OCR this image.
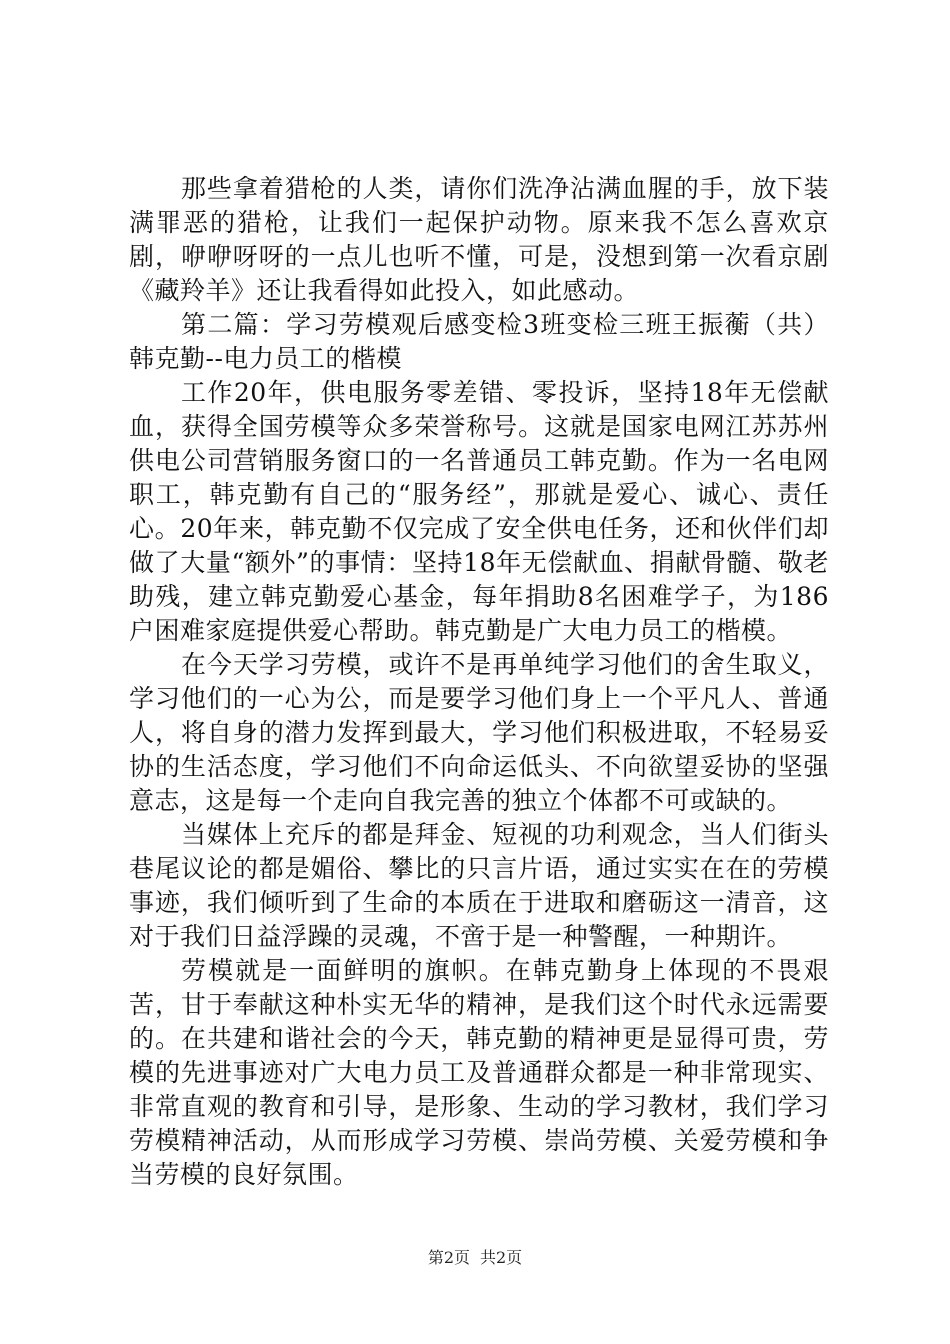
那些拿着猎枪的人类，请你们洗净沾满血腥的手，放下装满罪恶的猎枪，让我们一起保护动物。原来我不怎么喜欢京剧，咿咿呀呀的一点儿也听不懂，可是，没想到第一次看京剧《藏羚羊》还让我看得如此投入，如此感动。

第二篇：学习劳模观后感变检3班变检三班王振蘅（共）韩克勤--电力员工的楷模

工作20年，供电服务零差错、零投诉，坚持18年无偿献血，获得全国劳模等众多荣誉称号。这就是国家电网江苏苏州供电公司营销服务窗口的一名普通员工韩克勤。作为一名电网职工，韩克勤有自己的“服务经”，那就是爱心、诚心、责任心。20年来，韩克勤不仅完成了安全供电任务，还和伙伴们却做了大量“额外”的事情：坚持18年无偿献血、捐献骨髓、敬老助残，建立韩克勤爱心基金，每年捐助8名困难学子，为186户困难家庭提供爱心帮助。韩克勤是广大电力员工的楷模。

在今天学习劳模，或许不是再单纯学习他们的舍生取义，学习他们的一心为公，而是要学习他们身上一个平凡人、普通人，将自身的潜力发挥到最大，学习他们积极进取，不轻易妥协的生活态度，学习他们不向命运低头、不向欲望妥协的坚强意志，这是每一个走向自我完善的独立个体都不可或缺的。

当媒体上充斥的都是拜金、短视的功利观念，当人们街头巷尾议论的都是媚俗、攀比的只言片语，通过实实在在的劳模事迹，我们倾听到了生命的本质在于进取和磨砺这一清音，这对于我们日益浮躁的灵魂，不啻于是一种警醒，一种期许。

劳模就是一面鲜明的旗帜。在韩克勤身上体现的不畏艰苦，甘于奉献这种朴实无华的精神，是我们这个时代永远需要的。在共建和谐社会的今天，韩克勤的精神更是显得可贵，劳模的先进事迹对广大电力员工及普通群众都是一种非常现实、非常直观的教育和引导，是形象、生动的学习教材，我们学习劳模精神活动，从而形成学习劳模、崇尚劳模、关爱劳模和争当劳模的良好氛围。

第2页 共2页
